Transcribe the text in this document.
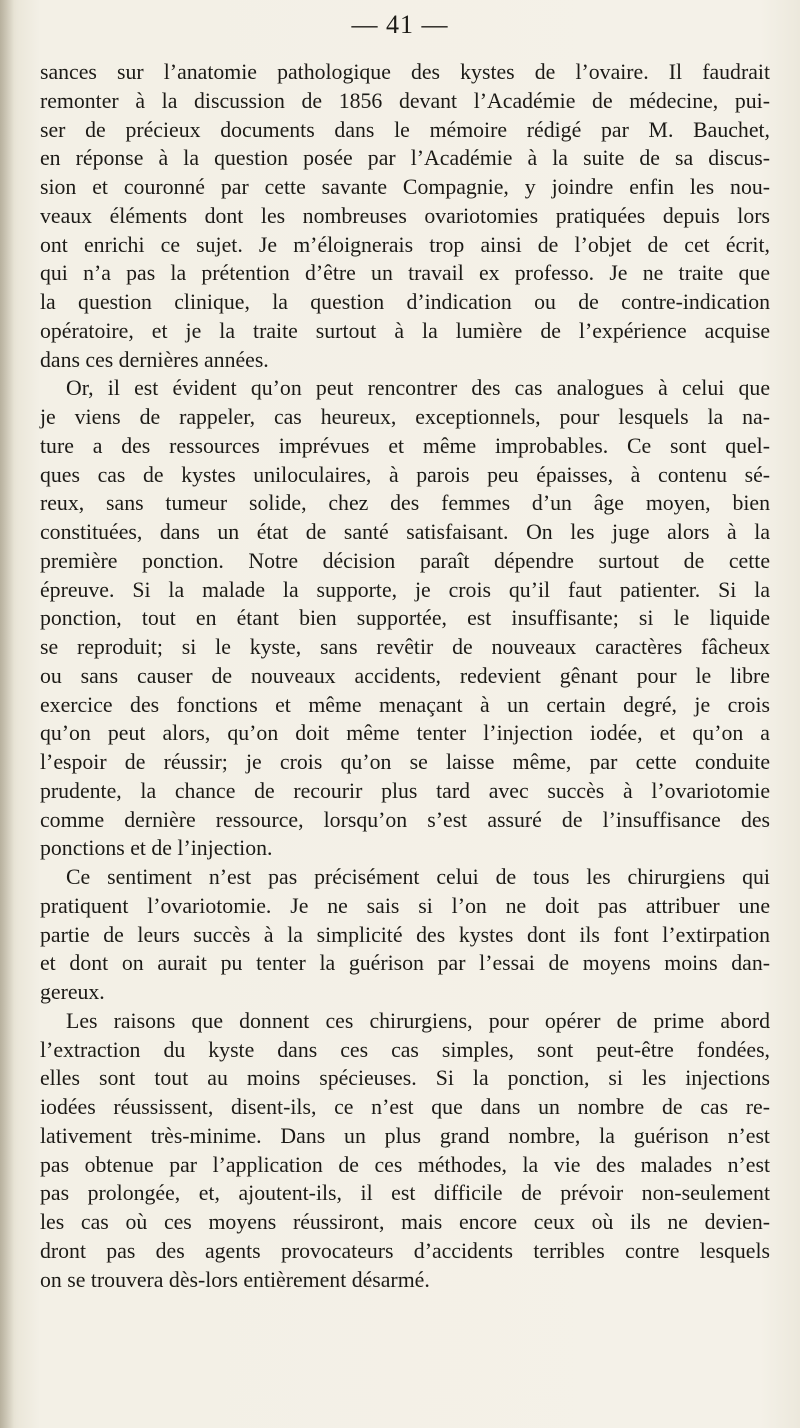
— 41 —

sances sur l’anatomie pathologique des kystes de l’ovaire. Il faudrait
remonter à la discussion de 1856 devant l’Académie de médecine, pui-
ser de précieux documents dans le mémoire rédigé par M. Bauchet,
en réponse à la question posée par l’Académie à la suite de sa discus-
sion et couronné par cette savante Compagnie, y joindre enfin les nou-
veaux éléments dont les nombreuses ovariotomies pratiquées depuis lors
ont enrichi ce sujet. Je m’éloignerais trop ainsi de l’objet de cet écrit,
qui n’a pas la prétention d’être un travail ex professo. Je ne traite que
la question clinique, la question d’indication ou de contre-indication
opératoire, et je la traite surtout à la lumière de l’expérience acquise
dans ces dernières années.

Or, il est évident qu’on peut rencontrer des cas analogues à celui que
je viens de rappeler, cas heureux, exceptionnels, pour lesquels la na-
ture a des ressources imprévues et même improbables. Ce sont quel-
ques cas de kystes uniloculaires, à parois peu épaisses, à contenu sé-
reux, sans tumeur solide, chez des femmes d’un âge moyen, bien
constituées, dans un état de santé satisfaisant. On les juge alors à la
première ponction. Notre décision paraît dépendre surtout de cette
épreuve. Si la malade la supporte, je crois qu’il faut patienter. Si la
ponction, tout en étant bien supportée, est insuffisante; si le liquide
se reproduit; si le kyste, sans revêtir de nouveaux caractères fâcheux
ou sans causer de nouveaux accidents, redevient gênant pour le libre
exercice des fonctions et même menaçant à un certain degré, je crois
qu’on peut alors, qu’on doit même tenter l’injection iodée, et qu’on a
l’espoir de réussir; je crois qu’on se laisse même, par cette conduite
prudente, la chance de recourir plus tard avec succès à l’ovariotomie
comme dernière ressource, lorsqu’on s’est assuré de l’insuffisance des
ponctions et de l’injection.

Ce sentiment n’est pas précisément celui de tous les chirurgiens qui
pratiquent l’ovariotomie. Je ne sais si l’on ne doit pas attribuer une
partie de leurs succès à la simplicité des kystes dont ils font l’extirpation
et dont on aurait pu tenter la guérison par l’essai de moyens moins dan-
gereux.

Les raisons que donnent ces chirurgiens, pour opérer de prime abord
l’extraction du kyste dans ces cas simples, sont peut-être fondées,
elles sont tout au moins spécieuses. Si la ponction, si les injections
iodées réussissent, disent-ils, ce n’est que dans un nombre de cas re-
lativement très-minime. Dans un plus grand nombre, la guérison n’est
pas obtenue par l’application de ces méthodes, la vie des malades n’est
pas prolongée, et, ajoutent-ils, il est difficile de prévoir non-seulement
les cas où ces moyens réussiront, mais encore ceux où ils ne devien-
dront pas des agents provocateurs d’accidents terribles contre lesquels
on se trouvera dès-lors entièrement désarmé.
